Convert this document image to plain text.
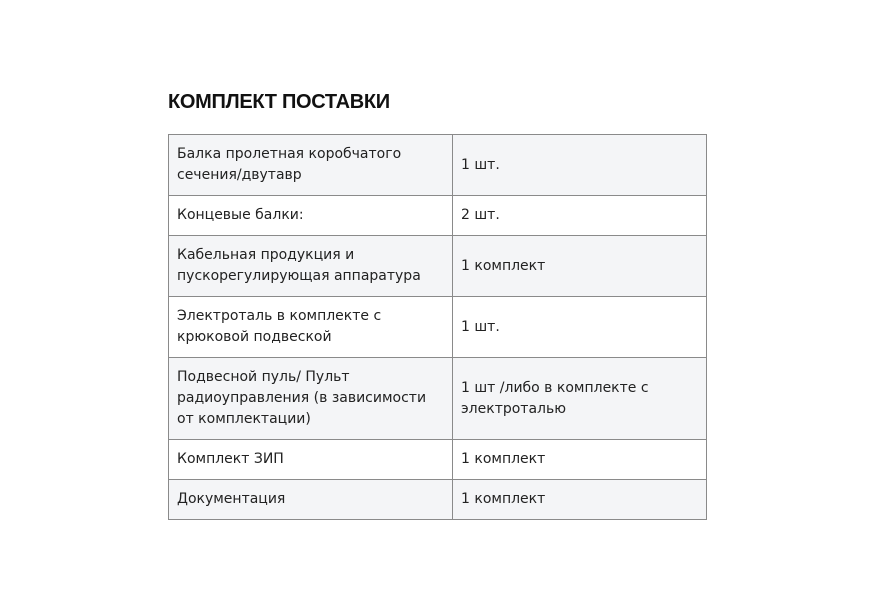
КОМПЛЕКТ ПОСТАВКИ
Балка пролетная коробчатого сечения/двутавр	1 шт.
Концевые балки:	2 шт.
Кабельная продукция и пускорегулирующая аппаратура	1 комплект
Электроталь в комплекте с крюковой подвеской	1 шт.
Подвесной пуль/ Пульт радиоуправления (в зависимости от комплектации)	1 шт /либо в комплекте с электроталью
Комплект ЗИП	1 комплект
Документация	1 комплект
